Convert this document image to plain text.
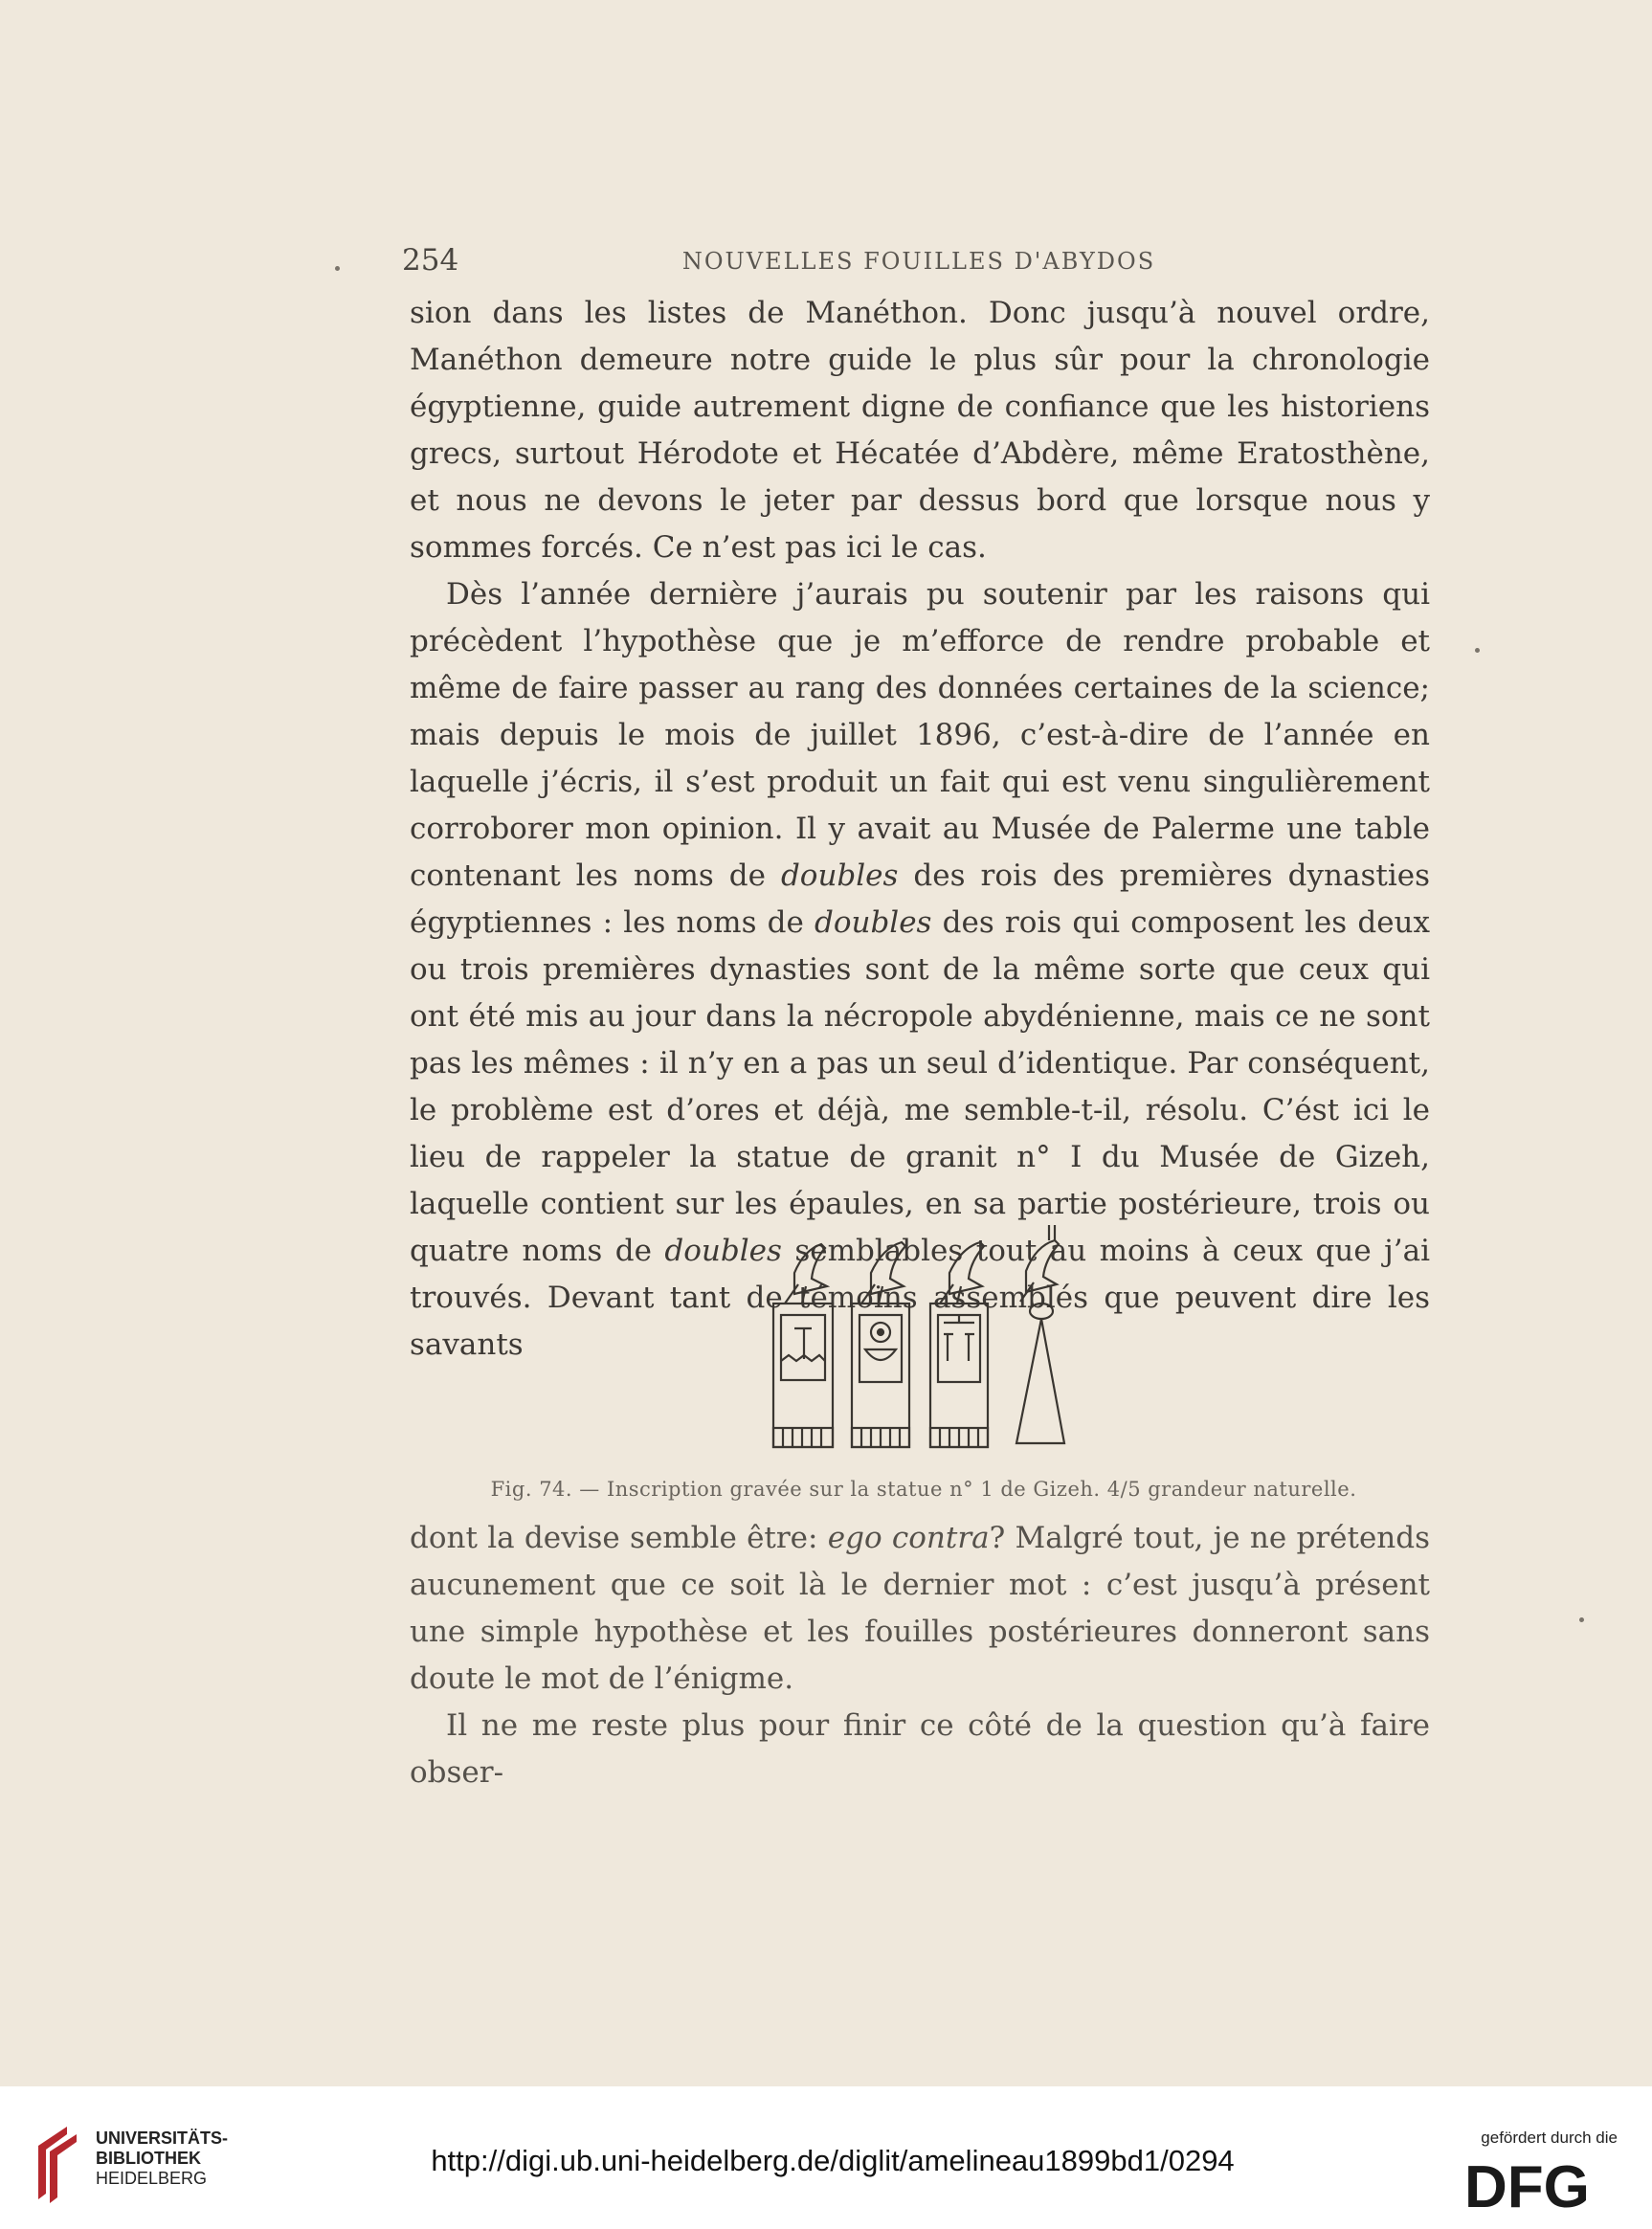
254	NOUVELLES FOUILLES D'ABYDOS

sion dans les listes de Manéthon. Donc jusqu’à nouvel ordre, Manéthon demeure notre guide le plus sûr pour la chronologie égyptienne, guide autrement digne de confiance que les historiens grecs, surtout Hérodote et Hécatée d’Abdère, même Eratosthène, et nous ne devons le jeter par dessus bord que lorsque nous y sommes forcés. Ce n’est pas ici le cas.

Dès l’année dernière j’aurais pu soutenir par les raisons qui précèdent l’hypothèse que je m’efforce de rendre probable et même de faire passer au rang des données certaines de la science; mais depuis le mois de juillet 1896, c’est-à-dire de l’année en laquelle j’écris, il s’est produit un fait qui est venu singulièrement corroborer mon opinion. Il y avait au Musée de Palerme une table contenant les noms de doubles des rois des premières dynasties égyptiennes : les noms de doubles des rois qui composent les deux ou trois premières dynasties sont de la même sorte que ceux qui ont été mis au jour dans la nécropole abydénienne, mais ce ne sont pas les mêmes : il n’y en a pas un seul d’identique. Par conséquent, le problème est d’ores et déjà, me semble-t-il, résolu. C’ést ici le lieu de rappeler la statue de granit n° I du Musée de Gizeh, laquelle contient sur les épaules, en sa partie postérieure, trois ou quatre noms de doubles semblables tout au moins à ceux que j’ai trouvés. Devant tant de témoins assemblés que peuvent dire les savants

Fig. 74. — Inscription gravée sur la statue n° 1 de Gizeh. 4/5 grandeur naturelle.

dont la devise semble être: ego contra? Malgré tout, je ne prétends aucunement que ce soit là le dernier mot : c’est jusqu’à présent une simple hypothèse et les fouilles postérieures donneront sans doute le mot de l’énigme.

Il ne me reste plus pour finir ce côté de la question qu’à faire obser-

UNIVERSITÄTS-
BIBLIOTHEK
HEIDELBERG
http://digi.ub.uni-heidelberg.de/diglit/amelineau1899bd1/0294
gefördert durch die
DFG
